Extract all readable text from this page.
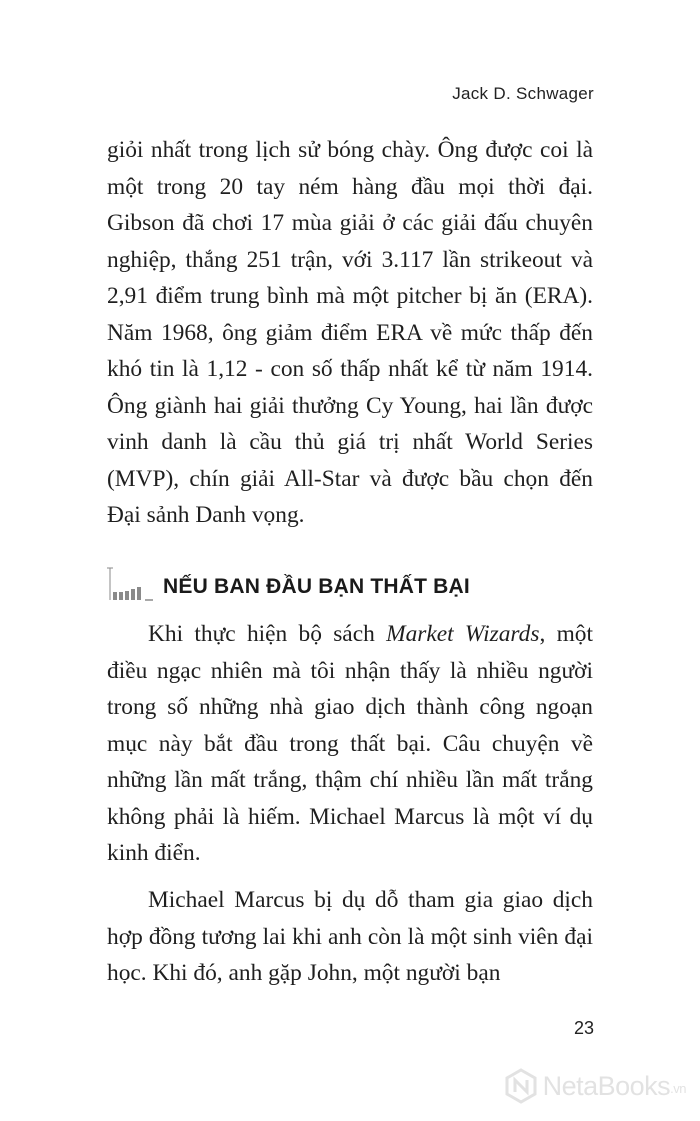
Jack D. Schwager

giỏi nhất trong lịch sử bóng chày. Ông được coi là một trong 20 tay ném hàng đầu mọi thời đại. Gibson đã chơi 17 mùa giải ở các giải đấu chuyên nghiệp, thắng 251 trận, với 3.117 lần strikeout và 2,91 điểm trung bình mà một pitcher bị ăn (ERA). Năm 1968, ông giảm điểm ERA về mức thấp đến khó tin là 1,12 - con số thấp nhất kể từ năm 1914. Ông giành hai giải thưởng Cy Young, hai lần được vinh danh là cầu thủ giá trị nhất World Series (MVP), chín giải All-Star và được bầu chọn đến Đại sảnh Danh vọng.

NẾU BAN ĐẦU BẠN THẤT BẠI

Khi thực hiện bộ sách Market Wizards, một điều ngạc nhiên mà tôi nhận thấy là nhiều người trong số những nhà giao dịch thành công ngoạn mục này bắt đầu trong thất bại. Câu chuyện về những lần mất trắng, thậm chí nhiều lần mất trắng không phải là hiếm. Michael Marcus là một ví dụ kinh điển.

Michael Marcus bị dụ dỗ tham gia giao dịch hợp đồng tương lai khi anh còn là một sinh viên đại học. Khi đó, anh gặp John, một người bạn

23
NetaBooks.vn
